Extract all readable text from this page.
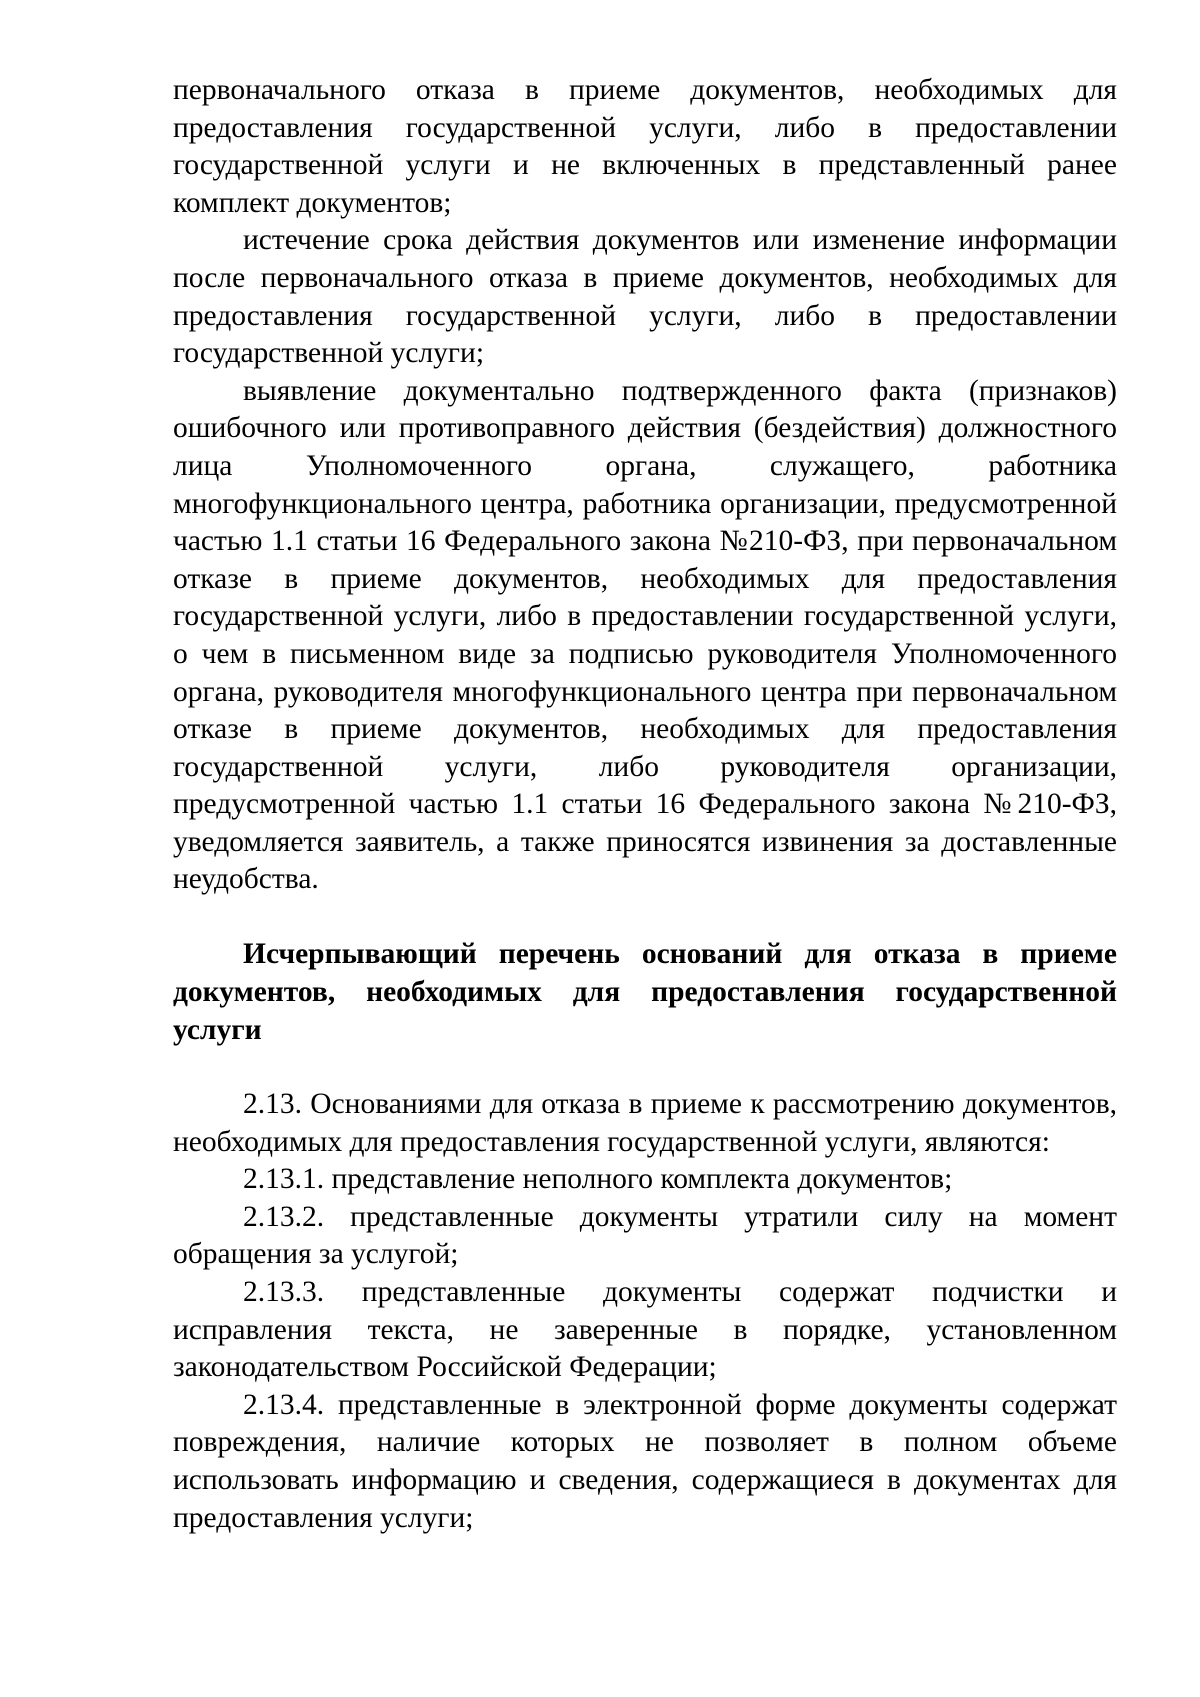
первоначального отказа в приеме документов, необходимых для предоставления государственной услуги, либо в предоставлении государственной услуги и не включенных в представленный ранее комплект документов;

истечение срока действия документов или изменение информации после первоначального отказа в приеме документов, необходимых для предоставления государственной услуги, либо в предоставлении государственной услуги;

выявление документально подтвержденного факта (признаков) ошибочного или противоправного действия (бездействия) должностного лица Уполномоченного органа, служащего, работника многофункционального центра, работника организации, предусмотренной частью 1.1 статьи 16 Федерального закона №210-ФЗ, при первоначальном отказе в приеме документов, необходимых для предоставления государственной услуги, либо в предоставлении государственной услуги, о чем в письменном виде за подписью руководителя Уполномоченного органа, руководителя многофункционального центра при первоначальном отказе в приеме документов, необходимых для предоставления государственной услуги, либо руководителя организации, предусмотренной частью 1.1 статьи 16 Федерального закона №210-ФЗ, уведомляется заявитель, а также приносятся извинения за доставленные неудобства.

Исчерпывающий перечень оснований для отказа в приеме документов, необходимых для предоставления государственной услуги

2.13. Основаниями для отказа в приеме к рассмотрению документов, необходимых для предоставления государственной услуги, являются:

2.13.1. представление неполного комплекта документов;

2.13.2. представленные документы утратили силу на момент обращения за услугой;

2.13.3. представленные документы содержат подчистки и исправления текста, не заверенные в порядке, установленном законодательством Российской Федерации;

2.13.4. представленные в электронной форме документы содержат повреждения, наличие которых не позволяет в полном объеме использовать информацию и сведения, содержащиеся в документах для предоставления услуги;
